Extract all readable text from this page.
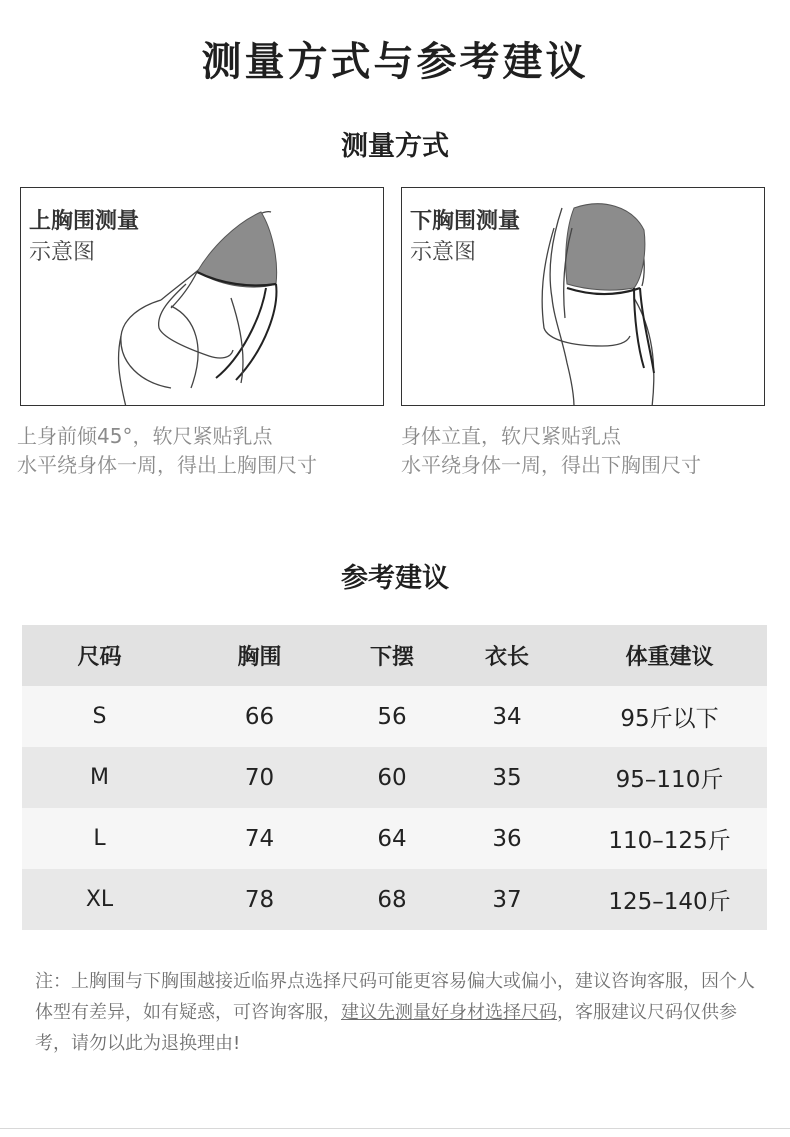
测量方式与参考建议
测量方式
上胸围测量
示意图
下胸围测量
示意图
上身前倾45°，软尺紧贴乳点
水平绕身体一周，得出上胸围尺寸
身体立直，软尺紧贴乳点
水平绕身体一周，得出下胸围尺寸
参考建议
尺码	胸围	下摆	衣长	体重建议
S	66	56	34	95斤以下
M	70	60	35	95–110斤
L	74	64	36	110–125斤
XL	78	68	37	125–140斤
注：上胸围与下胸围越接近临界点选择尺码可能更容易偏大或偏小，建议咨询客服，因个人体型有差异，如有疑惑，可咨询客服，建议先测量好身材选择尺码，客服建议尺码仅供参考，请勿以此为退换理由!
